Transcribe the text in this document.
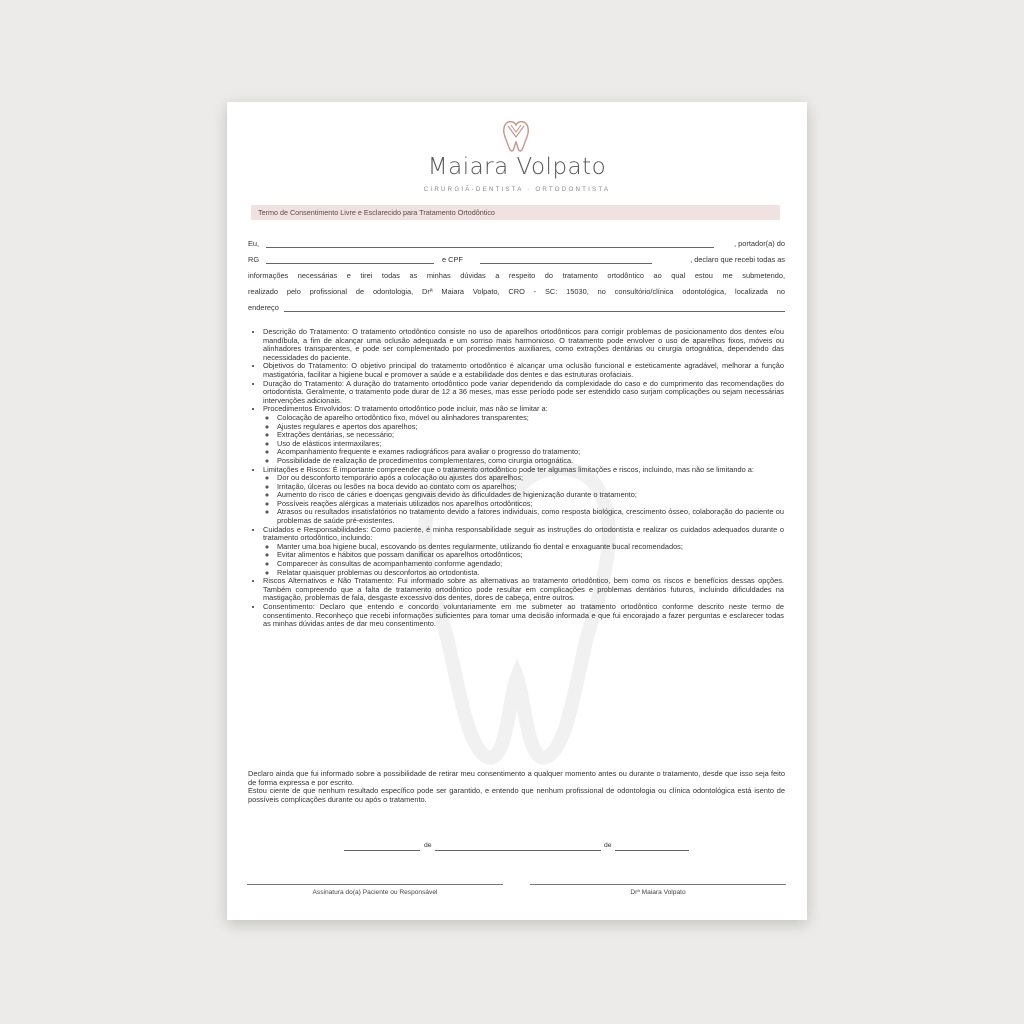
Maiara Volpato
CIRURGIÃ-DENTISTA · ORTODONTISTA
Termo de Consentimento Livre e Esclarecido para Tratamento Ortodôntico
Eu,	, portador(a) do
RG	e CPF	, declaro que recebi todas as
informações necessárias e tirei todas as minhas dúvidas a respeito do tratamento ortodôntico ao qual estou me submetendo,
realizado pelo profissional de odontologia, Drª Maiara Volpato, CRO - SC: 15030, no consultório/clínica odontológica, localizada no
endereço
• Descrição do Tratamento: O tratamento ortodôntico consiste no uso de aparelhos ortodônticos para corrigir problemas de posicionamento dos dentes e/ou mandíbula, a fim de alcançar uma oclusão adequada e um sorriso mais harmonioso. O tratamento pode envolver o uso de aparelhos fixos, móveis ou alinhadores transparentes, e pode ser complementado por procedimentos auxiliares, como extrações dentárias ou cirurgia ortognática, dependendo das necessidades do paciente.
• Objetivos do Tratamento: O objetivo principal do tratamento ortodôntico é alcançar uma oclusão funcional e esteticamente agradável, melhorar a função mastigatória, facilitar a higiene bucal e promover a saúde e a estabilidade dos dentes e das estruturas orofaciais.
• Duração do Tratamento: A duração do tratamento ortodôntico pode variar dependendo da complexidade do caso e do cumprimento das recomendações do ortodontista. Geralmente, o tratamento pode durar de 12 a 36 meses, mas esse período pode ser estendido caso surjam complicações ou sejam necessárias intervenções adicionais.
• Procedimentos Envolvidos: O tratamento ortodôntico pode incluir, mas não se limitar a:
◦ Colocação de aparelho ortodôntico fixo, móvel ou alinhadores transparentes;
◦ Ajustes regulares e apertos dos aparelhos;
◦ Extrações dentárias, se necessário;
◦ Uso de elásticos intermaxilares;
◦ Acompanhamento frequente e exames radiográficos para avaliar o progresso do tratamento;
◦ Possibilidade de realização de procedimentos complementares, como cirurgia ortognática.
• Limitações e Riscos: É importante compreender que o tratamento ortodôntico pode ter algumas limitações e riscos, incluindo, mas não se limitando a:
◦ Dor ou desconforto temporário após a colocação ou ajustes dos aparelhos;
◦ Irritação, úlceras ou lesões na boca devido ao contato com os aparelhos;
◦ Aumento do risco de cáries e doenças gengivais devido às dificuldades de higienização durante o tratamento;
◦ Possíveis reações alérgicas a materiais utilizados nos aparelhos ortodônticos;
◦ Atrasos ou resultados insatisfatórios no tratamento devido a fatores individuais, como resposta biológica, crescimento ósseo, colaboração do paciente ou problemas de saúde pré-existentes.
• Cuidados e Responsabilidades: Como paciente, é minha responsabilidade seguir as instruções do ortodontista e realizar os cuidados adequados durante o tratamento ortodôntico, incluindo:
◦ Manter uma boa higiene bucal, escovando os dentes regularmente, utilizando fio dental e enxaguante bucal recomendados;
◦ Evitar alimentos e hábitos que possam danificar os aparelhos ortodônticos;
◦ Comparecer às consultas de acompanhamento conforme agendado;
◦ Relatar quaisquer problemas ou desconfortos ao ortodontista.
• Riscos Alternativos e Não Tratamento: Fui informado sobre as alternativas ao tratamento ortodôntico, bem como os riscos e benefícios dessas opções. Também compreendo que a falta de tratamento ortodôntico pode resultar em complicações e problemas dentários futuros, incluindo dificuldades na mastigação, problemas de fala, desgaste excessivo dos dentes, dores de cabeça, entre outros.
• Consentimento: Declaro que entendo e concordo voluntariamente em me submeter ao tratamento ortodôntico conforme descrito neste termo de consentimento. Reconheço que recebi informações suficientes para tomar uma decisão informada e que fui encorajado a fazer perguntas e esclarecer todas as minhas dúvidas antes de dar meu consentimento.

Declaro ainda que fui informado sobre a possibilidade de retirar meu consentimento a qualquer momento antes ou durante o tratamento, desde que isso seja feito de forma expressa e por escrito.

Estou ciente de que nenhum resultado específico pode ser garantido, e entendo que nenhum profissional de odontologia ou clínica odontológica está isento de possíveis complicações durante ou após o tratamento.

de	de
Assinatura do(a) Paciente ou Responsável	Drª Maiara Volpato
